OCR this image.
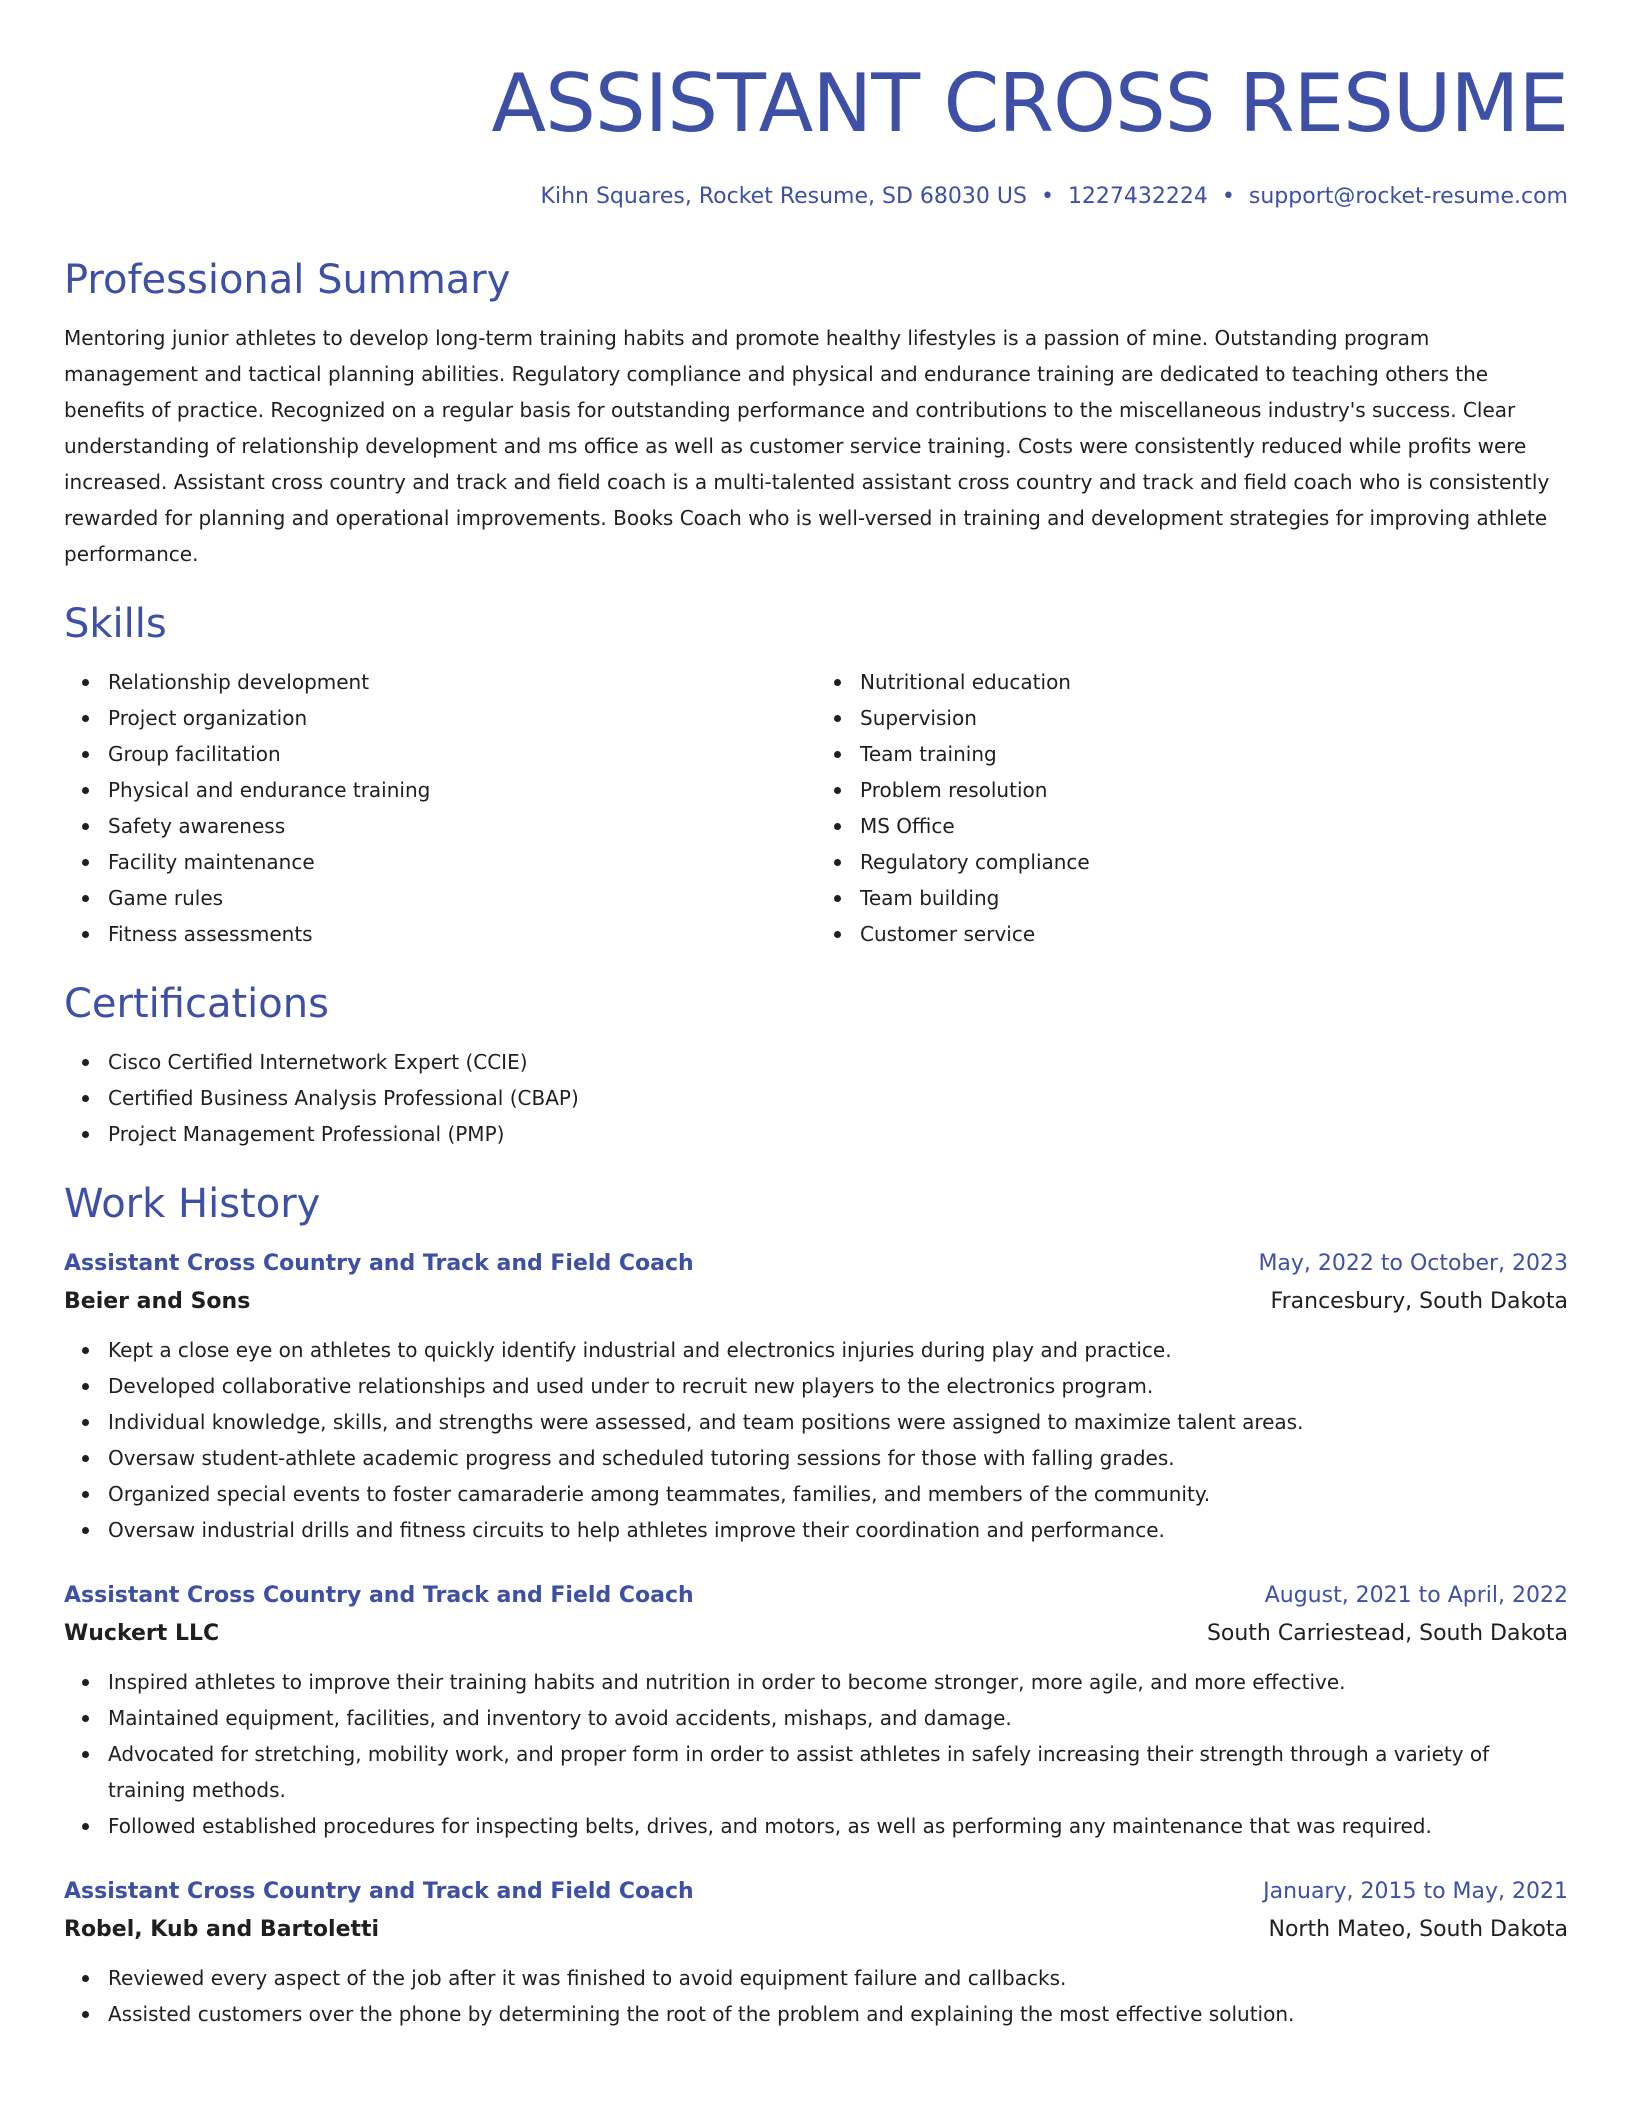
ASSISTANT CROSS RESUME
Kihn Squares, Rocket Resume, SD 68030 US • 1227432224 • support@rocket-resume.com
Professional Summary

Mentoring junior athletes to develop long-term training habits and promote healthy lifestyles is a passion of mine. Outstanding program management and tactical planning abilities. Regulatory compliance and physical and endurance training are dedicated to teaching others the benefits of practice. Recognized on a regular basis for outstanding performance and contributions to the miscellaneous industry's success. Clear understanding of relationship development and ms office as well as customer service training. Costs were consistently reduced while profits were increased. Assistant cross country and track and field coach is a multi-talented assistant cross country and track and field coach who is consistently rewarded for planning and operational improvements. Books Coach who is well-versed in training and development strategies for improving athlete performance.

Skills
Relationship development
Project organization
Group facilitation
Physical and endurance training
Safety awareness
Facility maintenance
Game rules
Fitness assessments
Nutritional education
Supervision
Team training
Problem resolution
MS Office
Regulatory compliance
Team building
Customer service
Certifications
Cisco Certified Internetwork Expert (CCIE)
Certified Business Analysis Professional (CBAP)
Project Management Professional (PMP)
Work History
Assistant Cross Country and Track and Field Coach	May, 2022 to October, 2023
Beier and Sons	Francesbury, South Dakota
Kept a close eye on athletes to quickly identify industrial and electronics injuries during play and practice.
Developed collaborative relationships and used under to recruit new players to the electronics program.
Individual knowledge, skills, and strengths were assessed, and team positions were assigned to maximize talent areas.
Oversaw student-athlete academic progress and scheduled tutoring sessions for those with falling grades.
Organized special events to foster camaraderie among teammates, families, and members of the community.
Oversaw industrial drills and fitness circuits to help athletes improve their coordination and performance.
Assistant Cross Country and Track and Field Coach	August, 2021 to April, 2022
Wuckert LLC	South Carriestead, South Dakota
Inspired athletes to improve their training habits and nutrition in order to become stronger, more agile, and more effective.
Maintained equipment, facilities, and inventory to avoid accidents, mishaps, and damage.
Advocated for stretching, mobility work, and proper form in order to assist athletes in safely increasing their strength through a variety of training methods.
Followed established procedures for inspecting belts, drives, and motors, as well as performing any maintenance that was required.
Assistant Cross Country and Track and Field Coach	January, 2015 to May, 2021
Robel, Kub and Bartoletti	North Mateo, South Dakota
Reviewed every aspect of the job after it was finished to avoid equipment failure and callbacks.
Assisted customers over the phone by determining the root of the problem and explaining the most effective solution.
